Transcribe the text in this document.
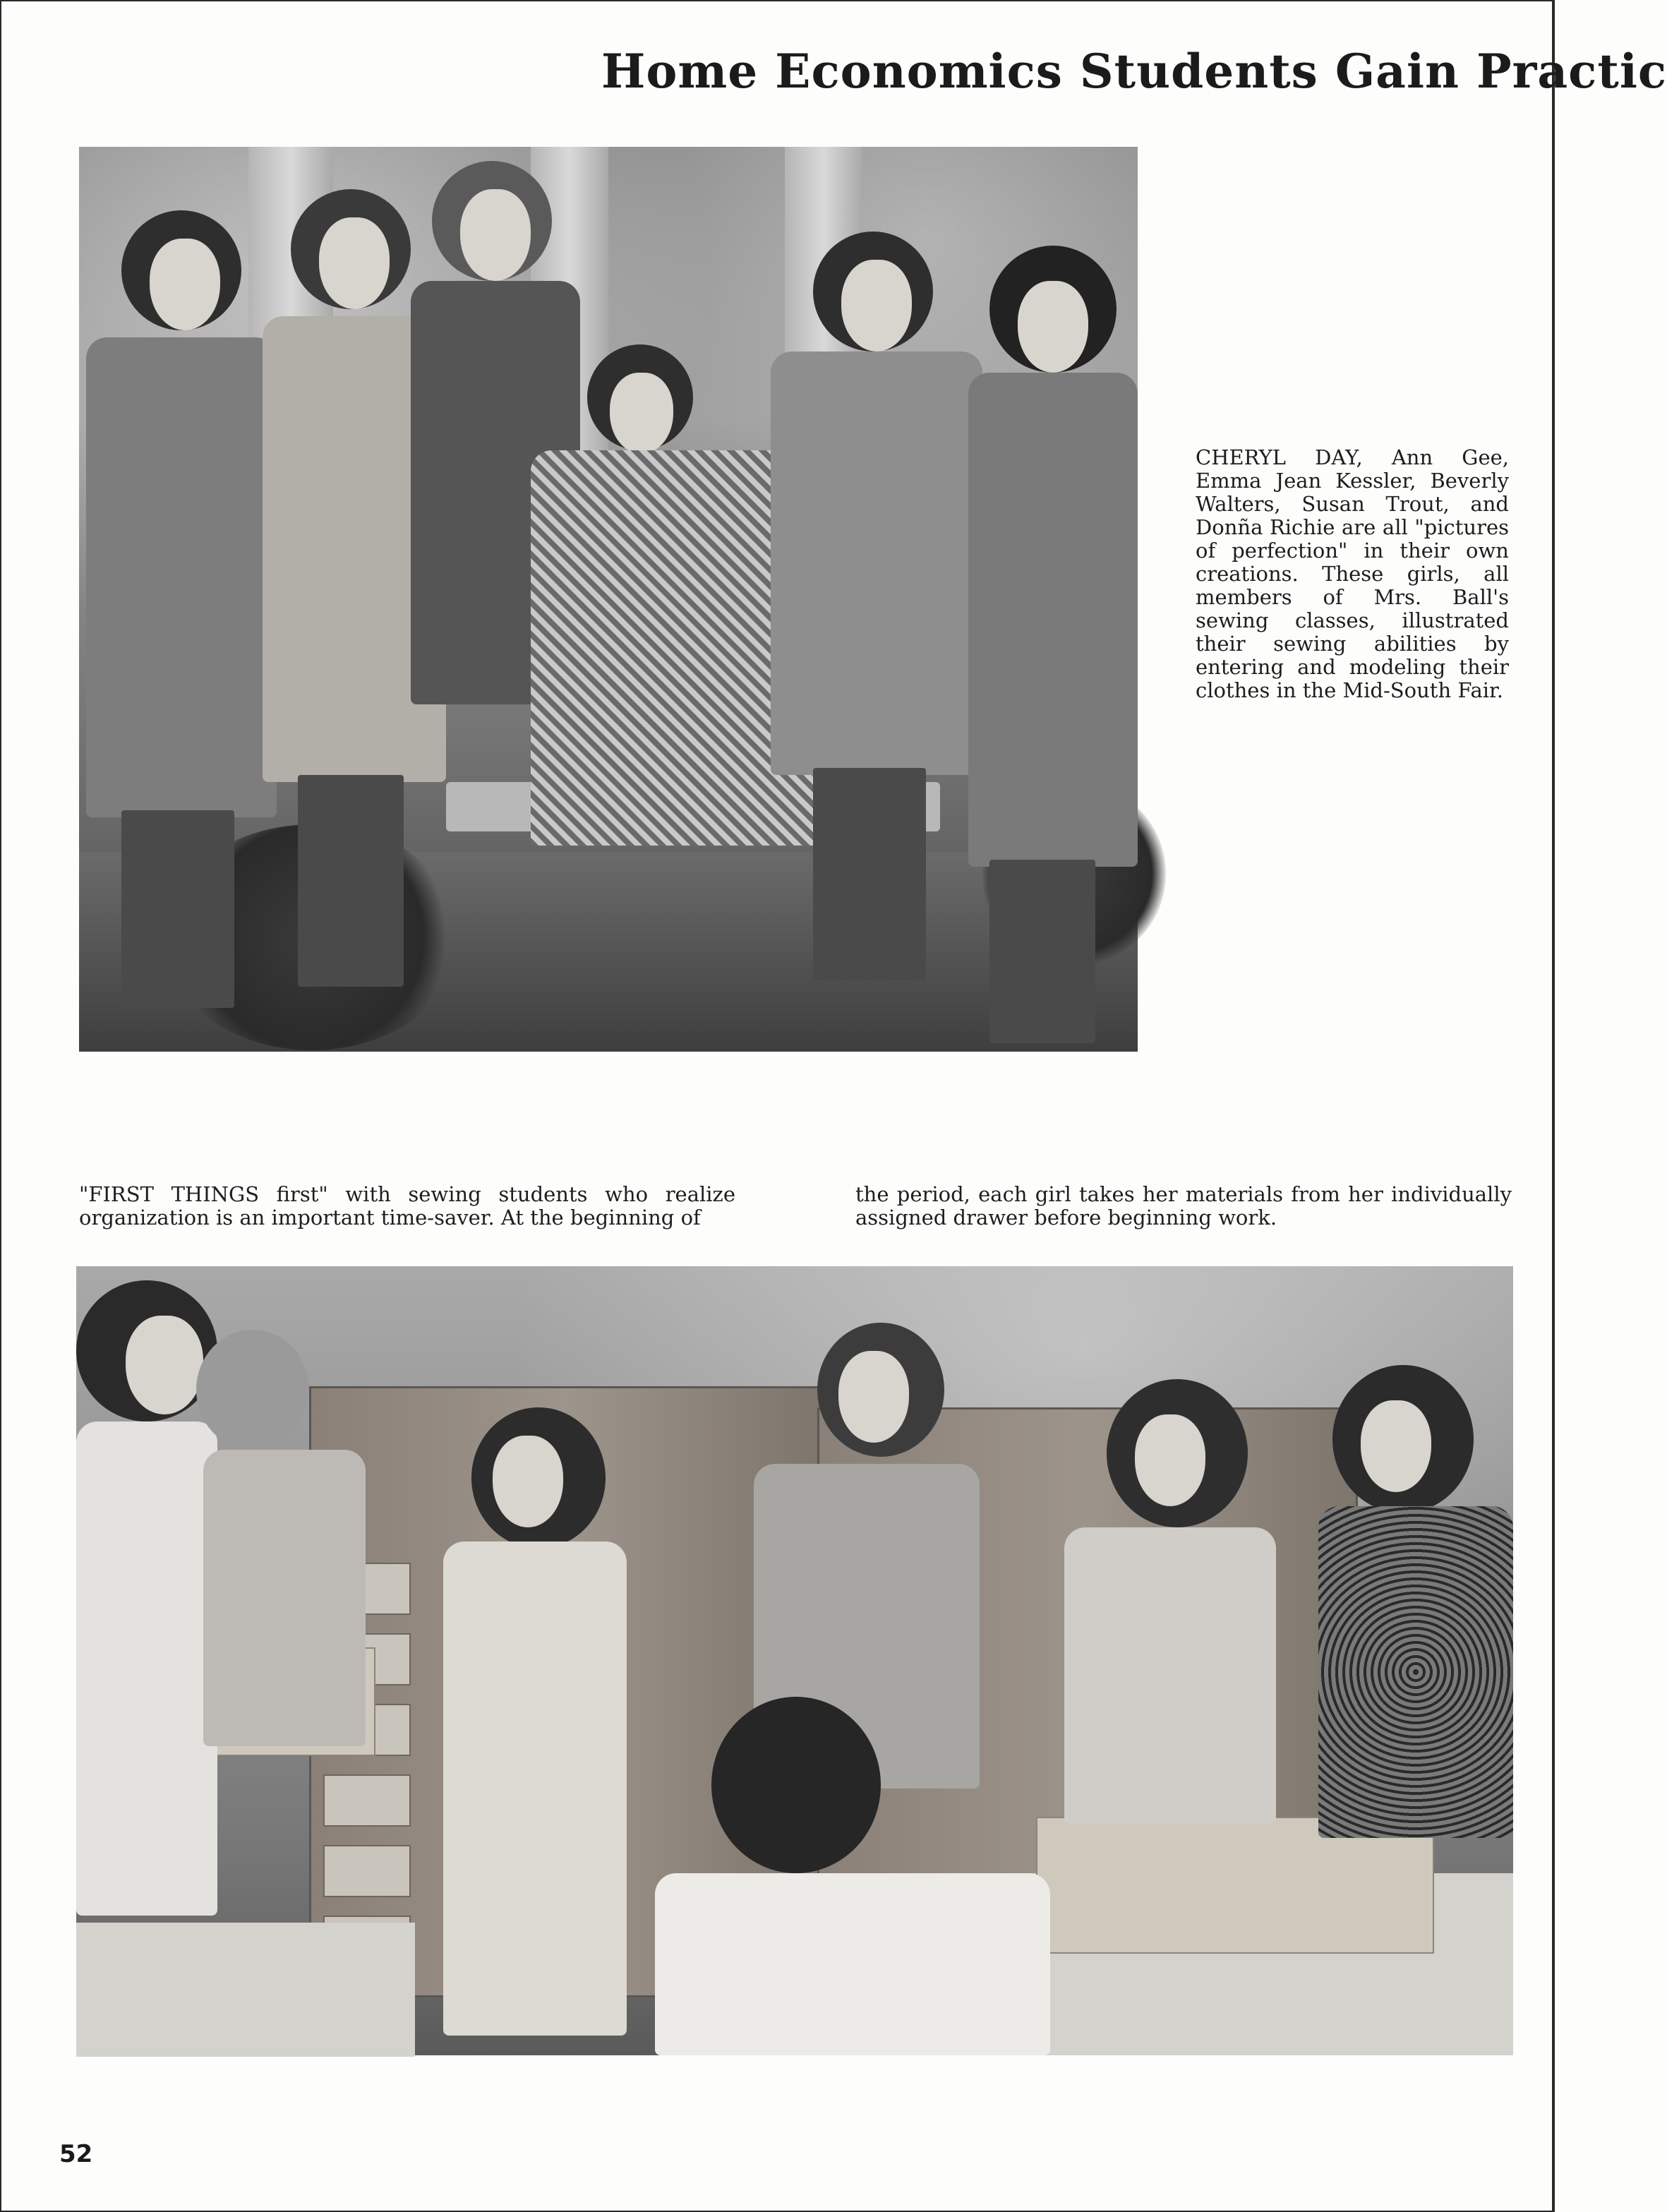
Home Economics Students Gain Practic

CHERYL DAY, Ann Gee, Emma Jean Kessler, Beverly Walters, Susan Trout, and Donña Richie are all "pictures of perfection" in their own creations. These girls, all members of Mrs. Ball's sewing classes, illustrated their sewing abilities by entering and modeling their clothes in the Mid-South Fair.

"FIRST THINGS first" with sewing students who realize organization is an important time-saver. At the beginning of

the period, each girl takes her materials from her individually assigned drawer before beginning work.

52
